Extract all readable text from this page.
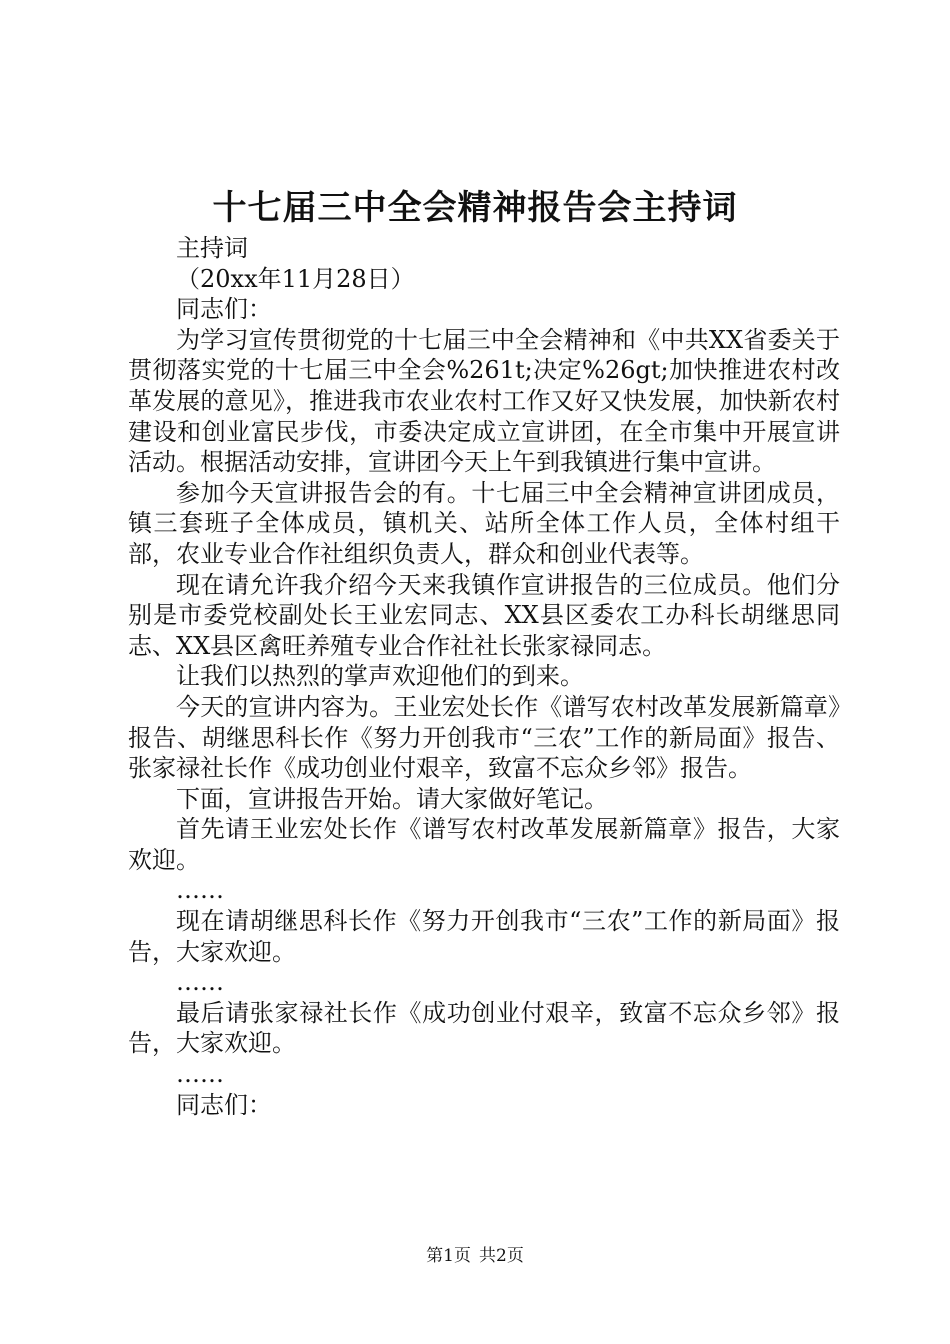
十七届三中全会精神报告会主持词

主持词

（20xx年11月28日）

同志们：

为学习宣传贯彻党的十七届三中全会精神和《中共XX省委关于贯彻落实党的十七届三中全会%261t;决定%26gt;加快推进农村改革发展的意见》，推进我市农业农村工作又好又快发展，加快新农村建设和创业富民步伐，市委决定成立宣讲团，在全市集中开展宣讲活动。根据活动安排，宣讲团今天上午到我镇进行集中宣讲。

参加今天宣讲报告会的有。十七届三中全会精神宣讲团成员，镇三套班子全体成员，镇机关、站所全体工作人员，全体村组干部，农业专业合作社组织负责人，群众和创业代表等。

现在请允许我介绍今天来我镇作宣讲报告的三位成员。他们分别是市委党校副处长王业宏同志、XX县区委农工办科长胡继思同志、XX县区禽旺养殖专业合作社社长张家禄同志。

让我们以热烈的掌声欢迎他们的到来。

今天的宣讲内容为。王业宏处长作《谱写农村改革发展新篇章》报告、胡继思科长作《努力开创我市“三农”工作的新局面》报告、张家禄社长作《成功创业付艰辛，致富不忘众乡邻》报告。

下面，宣讲报告开始。请大家做好笔记。

首先请王业宏处长作《谱写农村改革发展新篇章》报告，大家欢迎。

……

现在请胡继思科长作《努力开创我市“三农”工作的新局面》报告，大家欢迎。

……

最后请张家禄社长作《成功创业付艰辛，致富不忘众乡邻》报告，大家欢迎。

……

同志们：

第1页 共2页
